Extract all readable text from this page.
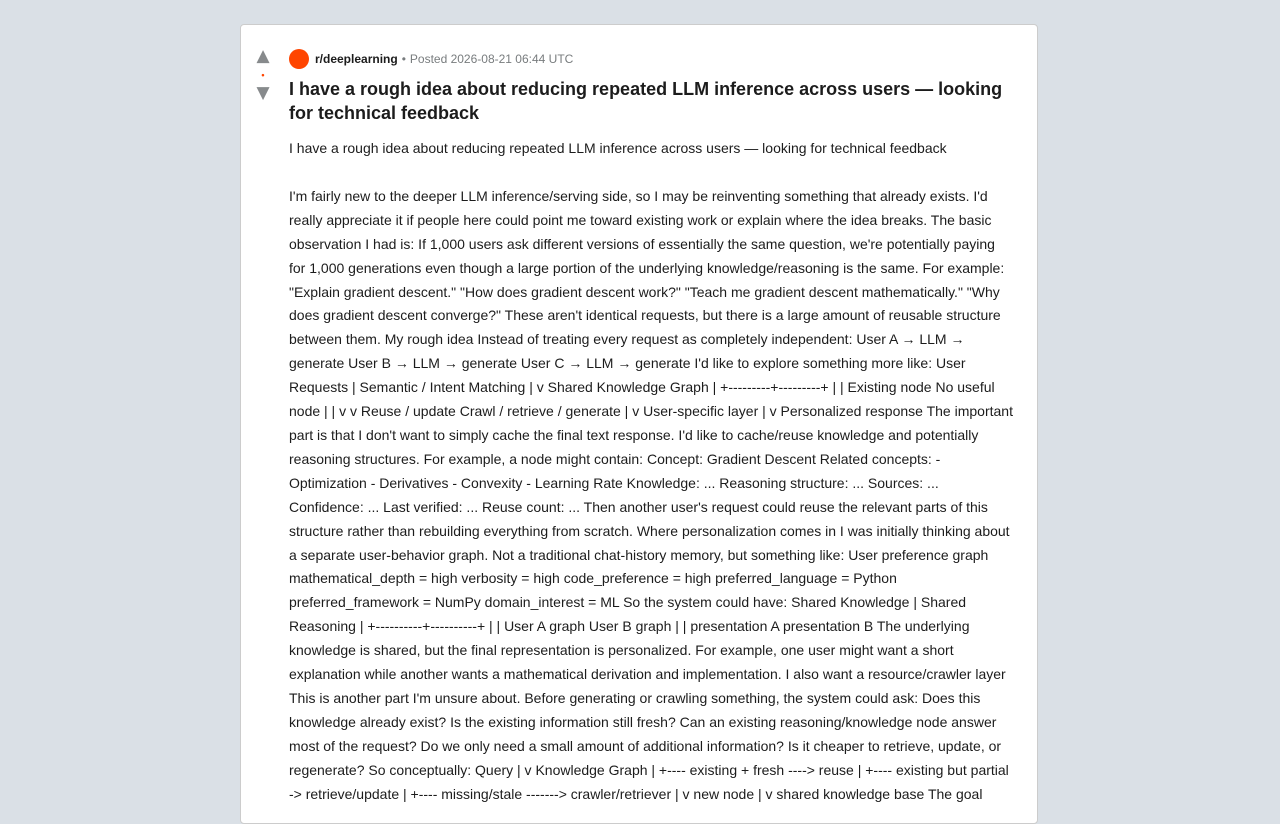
▲
•
▼
r/deeplearning • Posted 2026-08-21 06:44 UTC
I have a rough idea about reducing repeated LLM inference across users — looking for technical feedback

I have a rough idea about reducing repeated LLM inference across users — looking for technical feedback

I'm fairly new to the deeper LLM inference/serving side, so I may be reinventing something that already exists. I'd really appreciate it if people here could point me toward existing work or explain where the idea breaks. The basic observation I had is: If 1,000 users ask different versions of essentially the same question, we're potentially paying for 1,000 generations even though a large portion of the underlying knowledge/reasoning is the same. For example: "Explain gradient descent." "How does gradient descent work?" "Teach me gradient descent mathematically." "Why does gradient descent converge?" These aren't identical requests, but there is a large amount of reusable structure between them. My rough idea Instead of treating every request as completely independent: User A → LLM → generate User B → LLM → generate User C → LLM → generate I'd like to explore something more like: User Requests | Semantic / Intent Matching | v Shared Knowledge Graph | +---------+---------+ | | Existing node No useful node | | v v Reuse / update Crawl / retrieve / generate | v User-specific layer | v Personalized response The important part is that I don't want to simply cache the final text response. I'd like to cache/reuse knowledge and potentially reasoning structures. For example, a node might contain: Concept: Gradient Descent Related concepts: - Optimization - Derivatives - Convexity - Learning Rate Knowledge: ... Reasoning structure: ... Sources: ... Confidence: ... Last verified: ... Reuse count: ... Then another user's request could reuse the relevant parts of this structure rather than rebuilding everything from scratch. Where personalization comes in I was initially thinking about a separate user-behavior graph. Not a traditional chat-history memory, but something like: User preference graph mathematical_depth = high verbosity = high code_preference = high preferred_language = Python preferred_framework = NumPy domain_interest = ML So the system could have: Shared Knowledge | Shared Reasoning | +----------+----------+ | | User A graph User B graph | | presentation A presentation B The underlying knowledge is shared, but the final representation is personalized. For example, one user might want a short explanation while another wants a mathematical derivation and implementation. I also want a resource/crawler layer This is another part I'm unsure about. Before generating or crawling something, the system could ask: Does this knowledge already exist? Is the existing information still fresh? Can an existing reasoning/knowledge node answer most of the request? Do we only need a small amount of additional information? Is it cheaper to retrieve, update, or regenerate? So conceptually: Query | v Knowledge Graph | +---- existing + fresh ----> reuse | +---- existing but partial -> retrieve/update | +---- missing/stale -------> crawler/retriever | v new node | v shared knowledge base The goal
